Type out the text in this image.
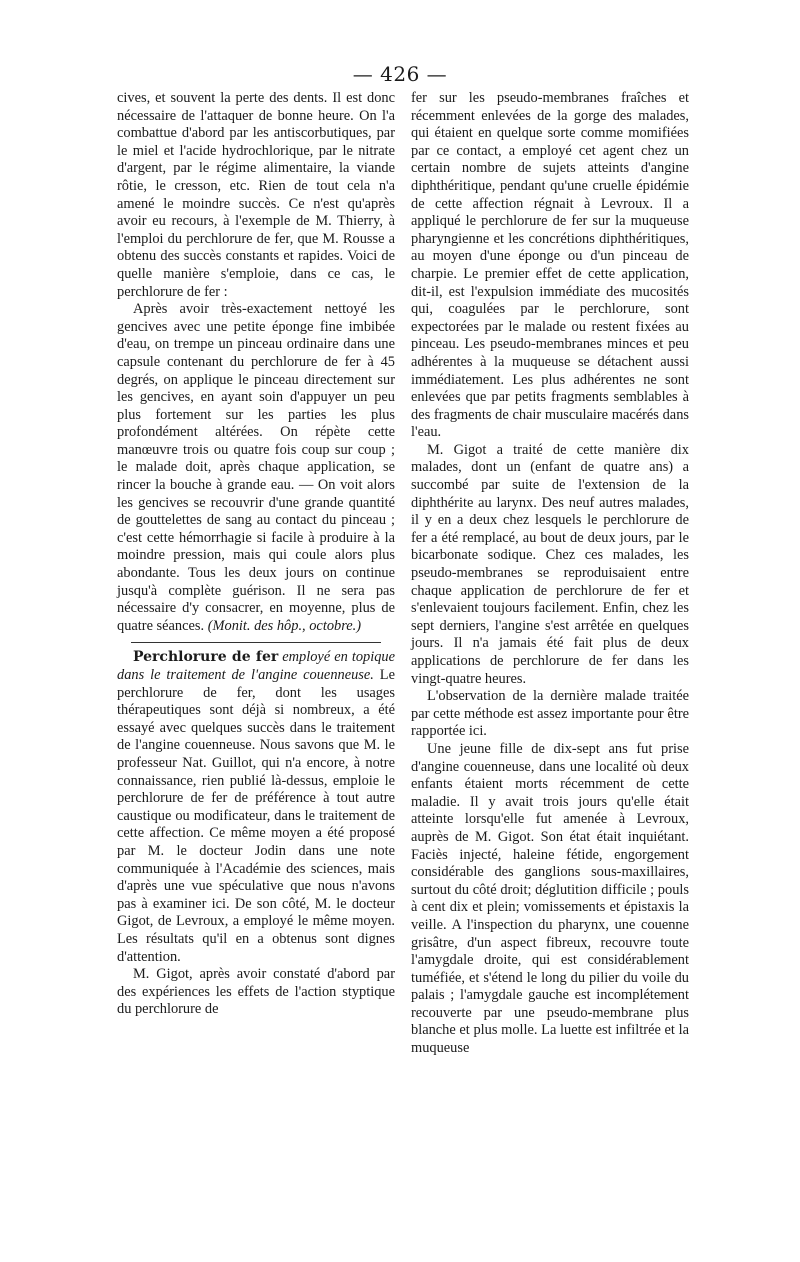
— 426 —

cives, et souvent la perte des dents. Il est donc nécessaire de l'attaquer de bonne heure. On l'a combattue d'abord par les antiscorbutiques, par le miel et l'acide hydrochlorique, par le nitrate d'argent, par le régime alimentaire, la viande rôtie, le cresson, etc. Rien de tout cela n'a amené le moindre succès. Ce n'est qu'après avoir eu recours, à l'exemple de M. Thierry, à l'emploi du perchlorure de fer, que M. Rousse a obtenu des succès constants et rapides. Voici de quelle manière s'emploie, dans ce cas, le perchlorure de fer :

Après avoir très-exactement nettoyé les gencives avec une petite éponge fine imbibée d'eau, on trempe un pinceau ordinaire dans une capsule contenant du perchlorure de fer à 45 degrés, on applique le pinceau directement sur les gencives, en ayant soin d'appuyer un peu plus fortement sur les parties les plus profondément altérées. On répète cette manœuvre trois ou quatre fois coup sur coup ; le malade doit, après chaque application, se rincer la bouche à grande eau. — On voit alors les gencives se recouvrir d'une grande quantité de gouttelettes de sang au contact du pinceau ; c'est cette hémorrhagie si facile à produire à la moindre pression, mais qui coule alors plus abondante. Tous les deux jours on continue jusqu'à complète guérison. Il ne sera pas nécessaire d'y consacrer, en moyenne, plus de quatre séances. (Monit. des hôp., octobre.)

Perchlorure de fer employé en topique dans le traitement de l'angine couenneuse. Le perchlorure de fer, dont les usages thérapeutiques sont déjà si nombreux, a été essayé avec quelques succès dans le traitement de l'angine couenneuse. Nous savons que M. le professeur Nat. Guillot, qui n'a encore, à notre connaissance, rien publié là-dessus, emploie le perchlorure de fer de préférence à tout autre caustique ou modificateur, dans le traitement de cette affection. Ce même moyen a été proposé par M. le docteur Jodin dans une note communiquée à l'Académie des sciences, mais d'après une vue spéculative que nous n'avons pas à examiner ici. De son côté, M. le docteur Gigot, de Levroux, a employé le même moyen. Les résultats qu'il en a obtenus sont dignes d'attention.

M. Gigot, après avoir constaté d'abord par des expériences les effets de l'action styptique du perchlorure de

fer sur les pseudo-membranes fraîches et récemment enlevées de la gorge des malades, qui étaient en quelque sorte comme momifiées par ce contact, a employé cet agent chez un certain nombre de sujets atteints d'angine diphthéritique, pendant qu'une cruelle épidémie de cette affection régnait à Levroux. Il a appliqué le perchlorure de fer sur la muqueuse pharyngienne et les concrétions diphthéritiques, au moyen d'une éponge ou d'un pinceau de charpie. Le premier effet de cette application, dit-il, est l'expulsion immédiate des mucosités qui, coagulées par le perchlorure, sont expectorées par le malade ou restent fixées au pinceau. Les pseudo-membranes minces et peu adhérentes à la muqueuse se détachent aussi immédiatement. Les plus adhérentes ne sont enlevées que par petits fragments semblables à des fragments de chair musculaire macérés dans l'eau.

M. Gigot a traité de cette manière dix malades, dont un (enfant de quatre ans) a succombé par suite de l'extension de la diphthérite au larynx. Des neuf autres malades, il y en a deux chez lesquels le perchlorure de fer a été remplacé, au bout de deux jours, par le bicarbonate sodique. Chez ces malades, les pseudo-membranes se reproduisaient entre chaque application de perchlorure de fer et s'enlevaient toujours facilement. Enfin, chez les sept derniers, l'angine s'est arrêtée en quelques jours. Il n'a jamais été fait plus de deux applications de perchlorure de fer dans les vingt-quatre heures.

L'observation de la dernière malade traitée par cette méthode est assez importante pour être rapportée ici.

Une jeune fille de dix-sept ans fut prise d'angine couenneuse, dans une localité où deux enfants étaient morts récemment de cette maladie. Il y avait trois jours qu'elle était atteinte lorsqu'elle fut amenée à Levroux, auprès de M. Gigot. Son état était inquiétant. Faciès injecté, haleine fétide, engorgement considérable des ganglions sous-maxillaires, surtout du côté droit; déglutition difficile ; pouls à cent dix et plein; vomissements et épistaxis la veille. A l'inspection du pharynx, une couenne grisâtre, d'un aspect fibreux, recouvre toute l'amygdale droite, qui est considérablement tuméfiée, et s'étend le long du pilier du voile du palais ; l'amygdale gauche est incomplétement recouverte par une pseudo-membrane plus blanche et plus molle. La luette est infiltrée et la muqueuse
